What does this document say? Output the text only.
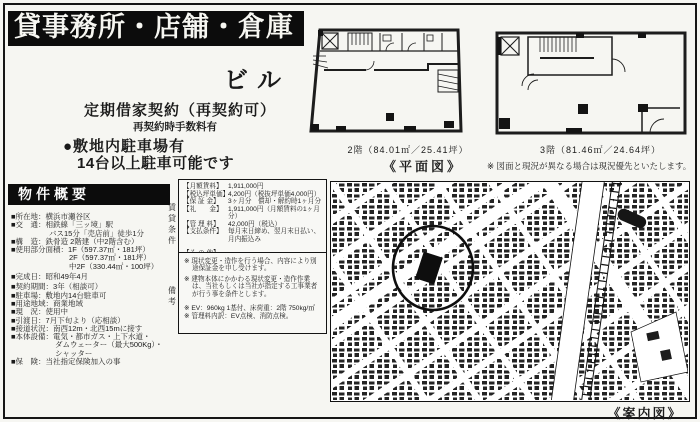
貸事務所・店舗・倉庫
ビル
定期借家契約（再契約可）
再契約時手数料有
●敷地内駐車場有
14台以上駐車可能です
物件概要
■所在地：横浜市瀬谷区
■交　通：相鉄線「三ッ境」駅
バス15分「売店前」徒歩1分
■構　造：鉄骨造 2階建（中2階含む）
■使用部分面積：1F（597.37㎡・181坪）
2F（597.37㎡・181坪）
中2F（330.44㎡・100坪）
■完成日：昭和49年4月
■契約期間：3年（相談可）
■駐車場：敷地内14台駐車可
■用途地域：商業地域
■現　況：使用中
■引渡日：7月下旬より（応相談）
■接道状況：南西12m・北西15mに接す
■本体設備：電気・都市ガス・上下水道・
ダムウェーター（最大500Kg）・
シャッター
■保　険：当社指定保険加入の事
賃貸条件
【月額賃料】 1,911,000円
【税込坪単価】
4,200円（税抜坪単価4,000円）
【保 証 金】	3ヶ月分　償却・解約時1ヶ月分
【礼　　金】 1,911,000円（月額賃料の1ヶ月分）
【管 理 料】	42,000円（税込）
【支払条件】 毎月末日締め、翌月末日払い、月内振込み
備考
※ 現状変更・造作を行う場合、内容により別途保証金を申し受けます。
※ 建物本体にかかわる現状変更・造作作業は、当社もしくは当社が指定する工事業者が行う事を条件とします。
※ EV：960kg 1基付、床荷重：2階 750kg/㎡
※ 管理料内訳：EV点検、消防点検。
2階（84.01㎡／25.41坪）	3階（81.46㎡／24.64坪）
《平面図》	※ 図面と現況が異なる場合は現況優先といたします。
《案内図》
